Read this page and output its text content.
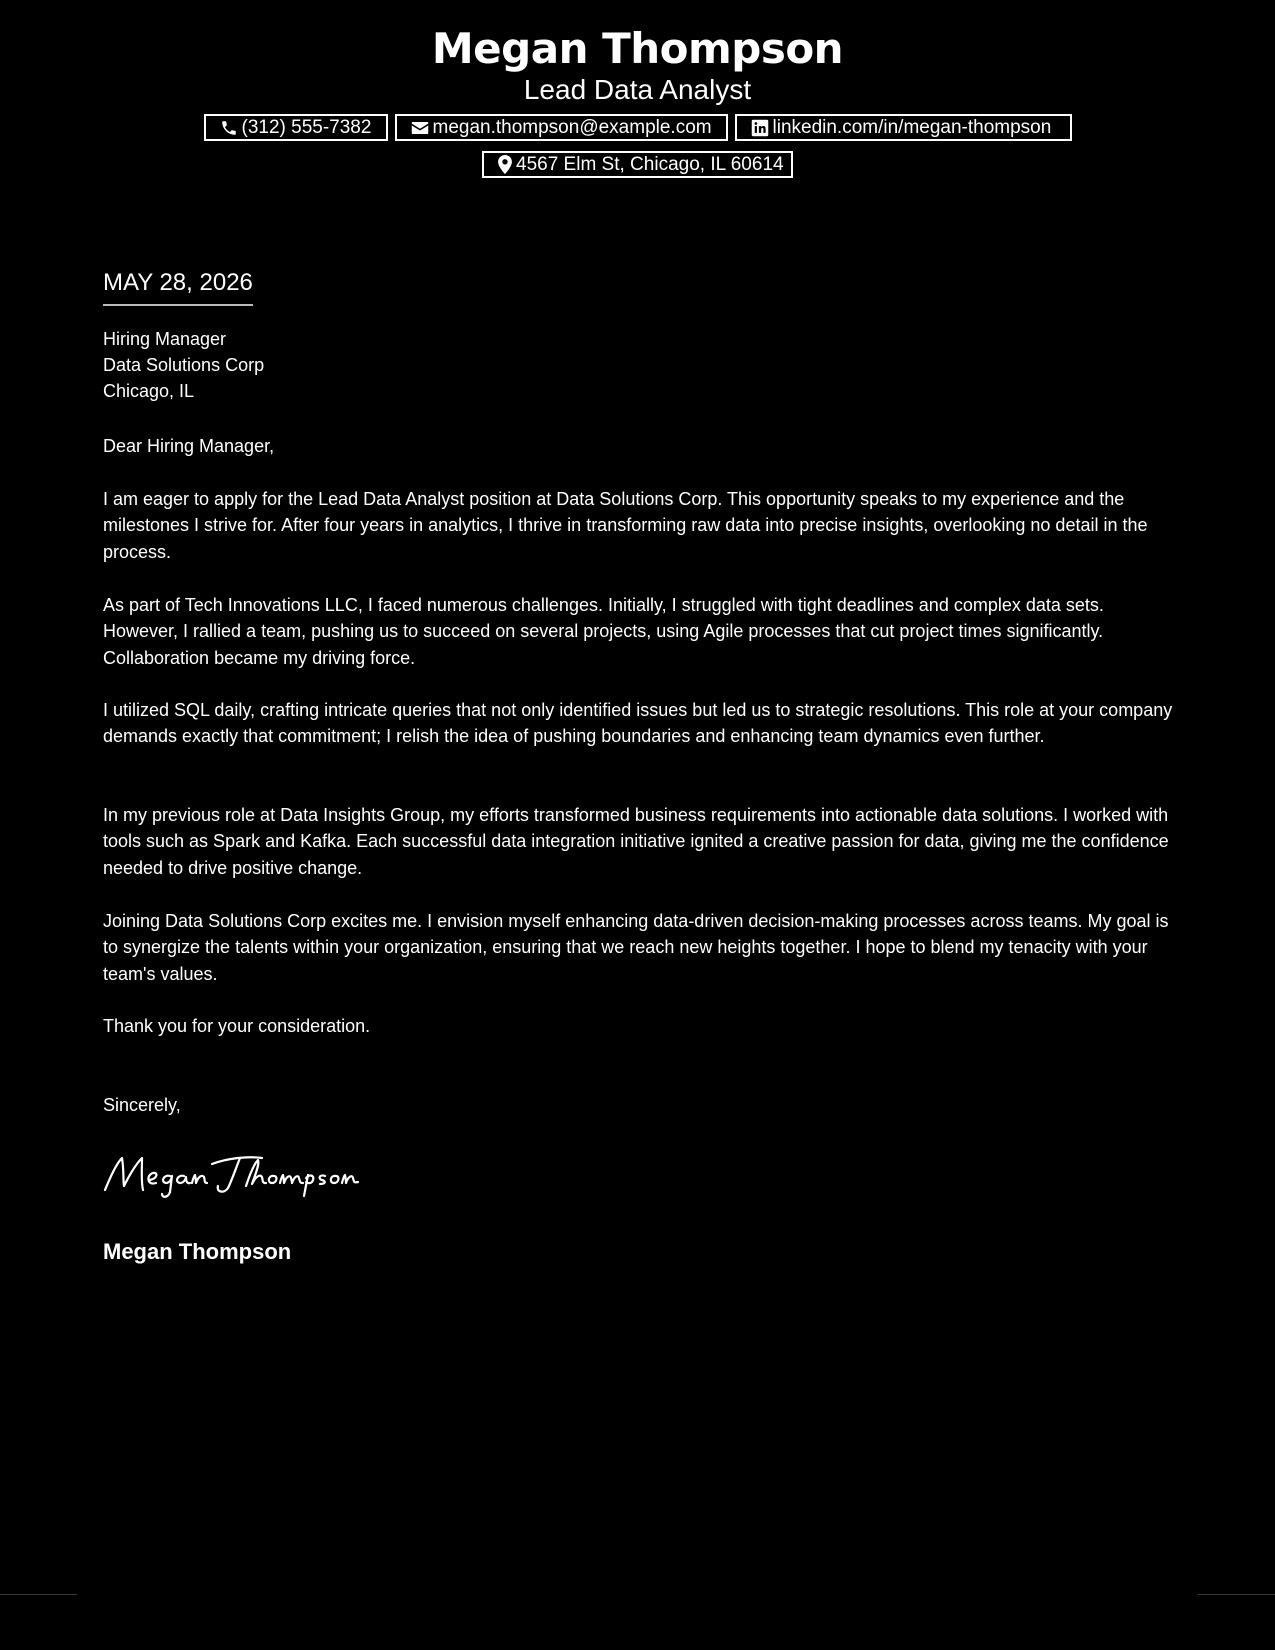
Megan Thompson
Lead Data Analyst
(312) 555-7382	megan.thompson@example.com	linkedin.com/in/megan-thompson
4567 Elm St, Chicago, IL 60614
MAY 28, 2026
Hiring Manager
Data Solutions Corp
Chicago, IL
Dear Hiring Manager,
I am eager to apply for the Lead Data Analyst position at Data Solutions Corp. This opportunity speaks to my experience and the milestones I strive for. After four years in analytics, I thrive in transforming raw data into precise insights, overlooking no detail in the process.
As part of Tech Innovations LLC, I faced numerous challenges. Initially, I struggled with tight deadlines and complex data sets. However, I rallied a team, pushing us to succeed on several projects, using Agile processes that cut project times significantly. Collaboration became my driving force.
I utilized SQL daily, crafting intricate queries that not only identified issues but led us to strategic resolutions. This role at your company demands exactly that commitment; I relish the idea of pushing boundaries and enhancing team dynamics even further.
In my previous role at Data Insights Group, my efforts transformed business requirements into actionable data solutions. I worked with tools such as Spark and Kafka. Each successful data integration initiative ignited a creative passion for data, giving me the confidence needed to drive positive change.
Joining Data Solutions Corp excites me. I envision myself enhancing data-driven decision-making processes across teams. My goal is to synergize the talents within your organization, ensuring that we reach new heights together. I hope to blend my tenacity with your team's values.
Thank you for your consideration.
Sincerely,
Megan Thompson
